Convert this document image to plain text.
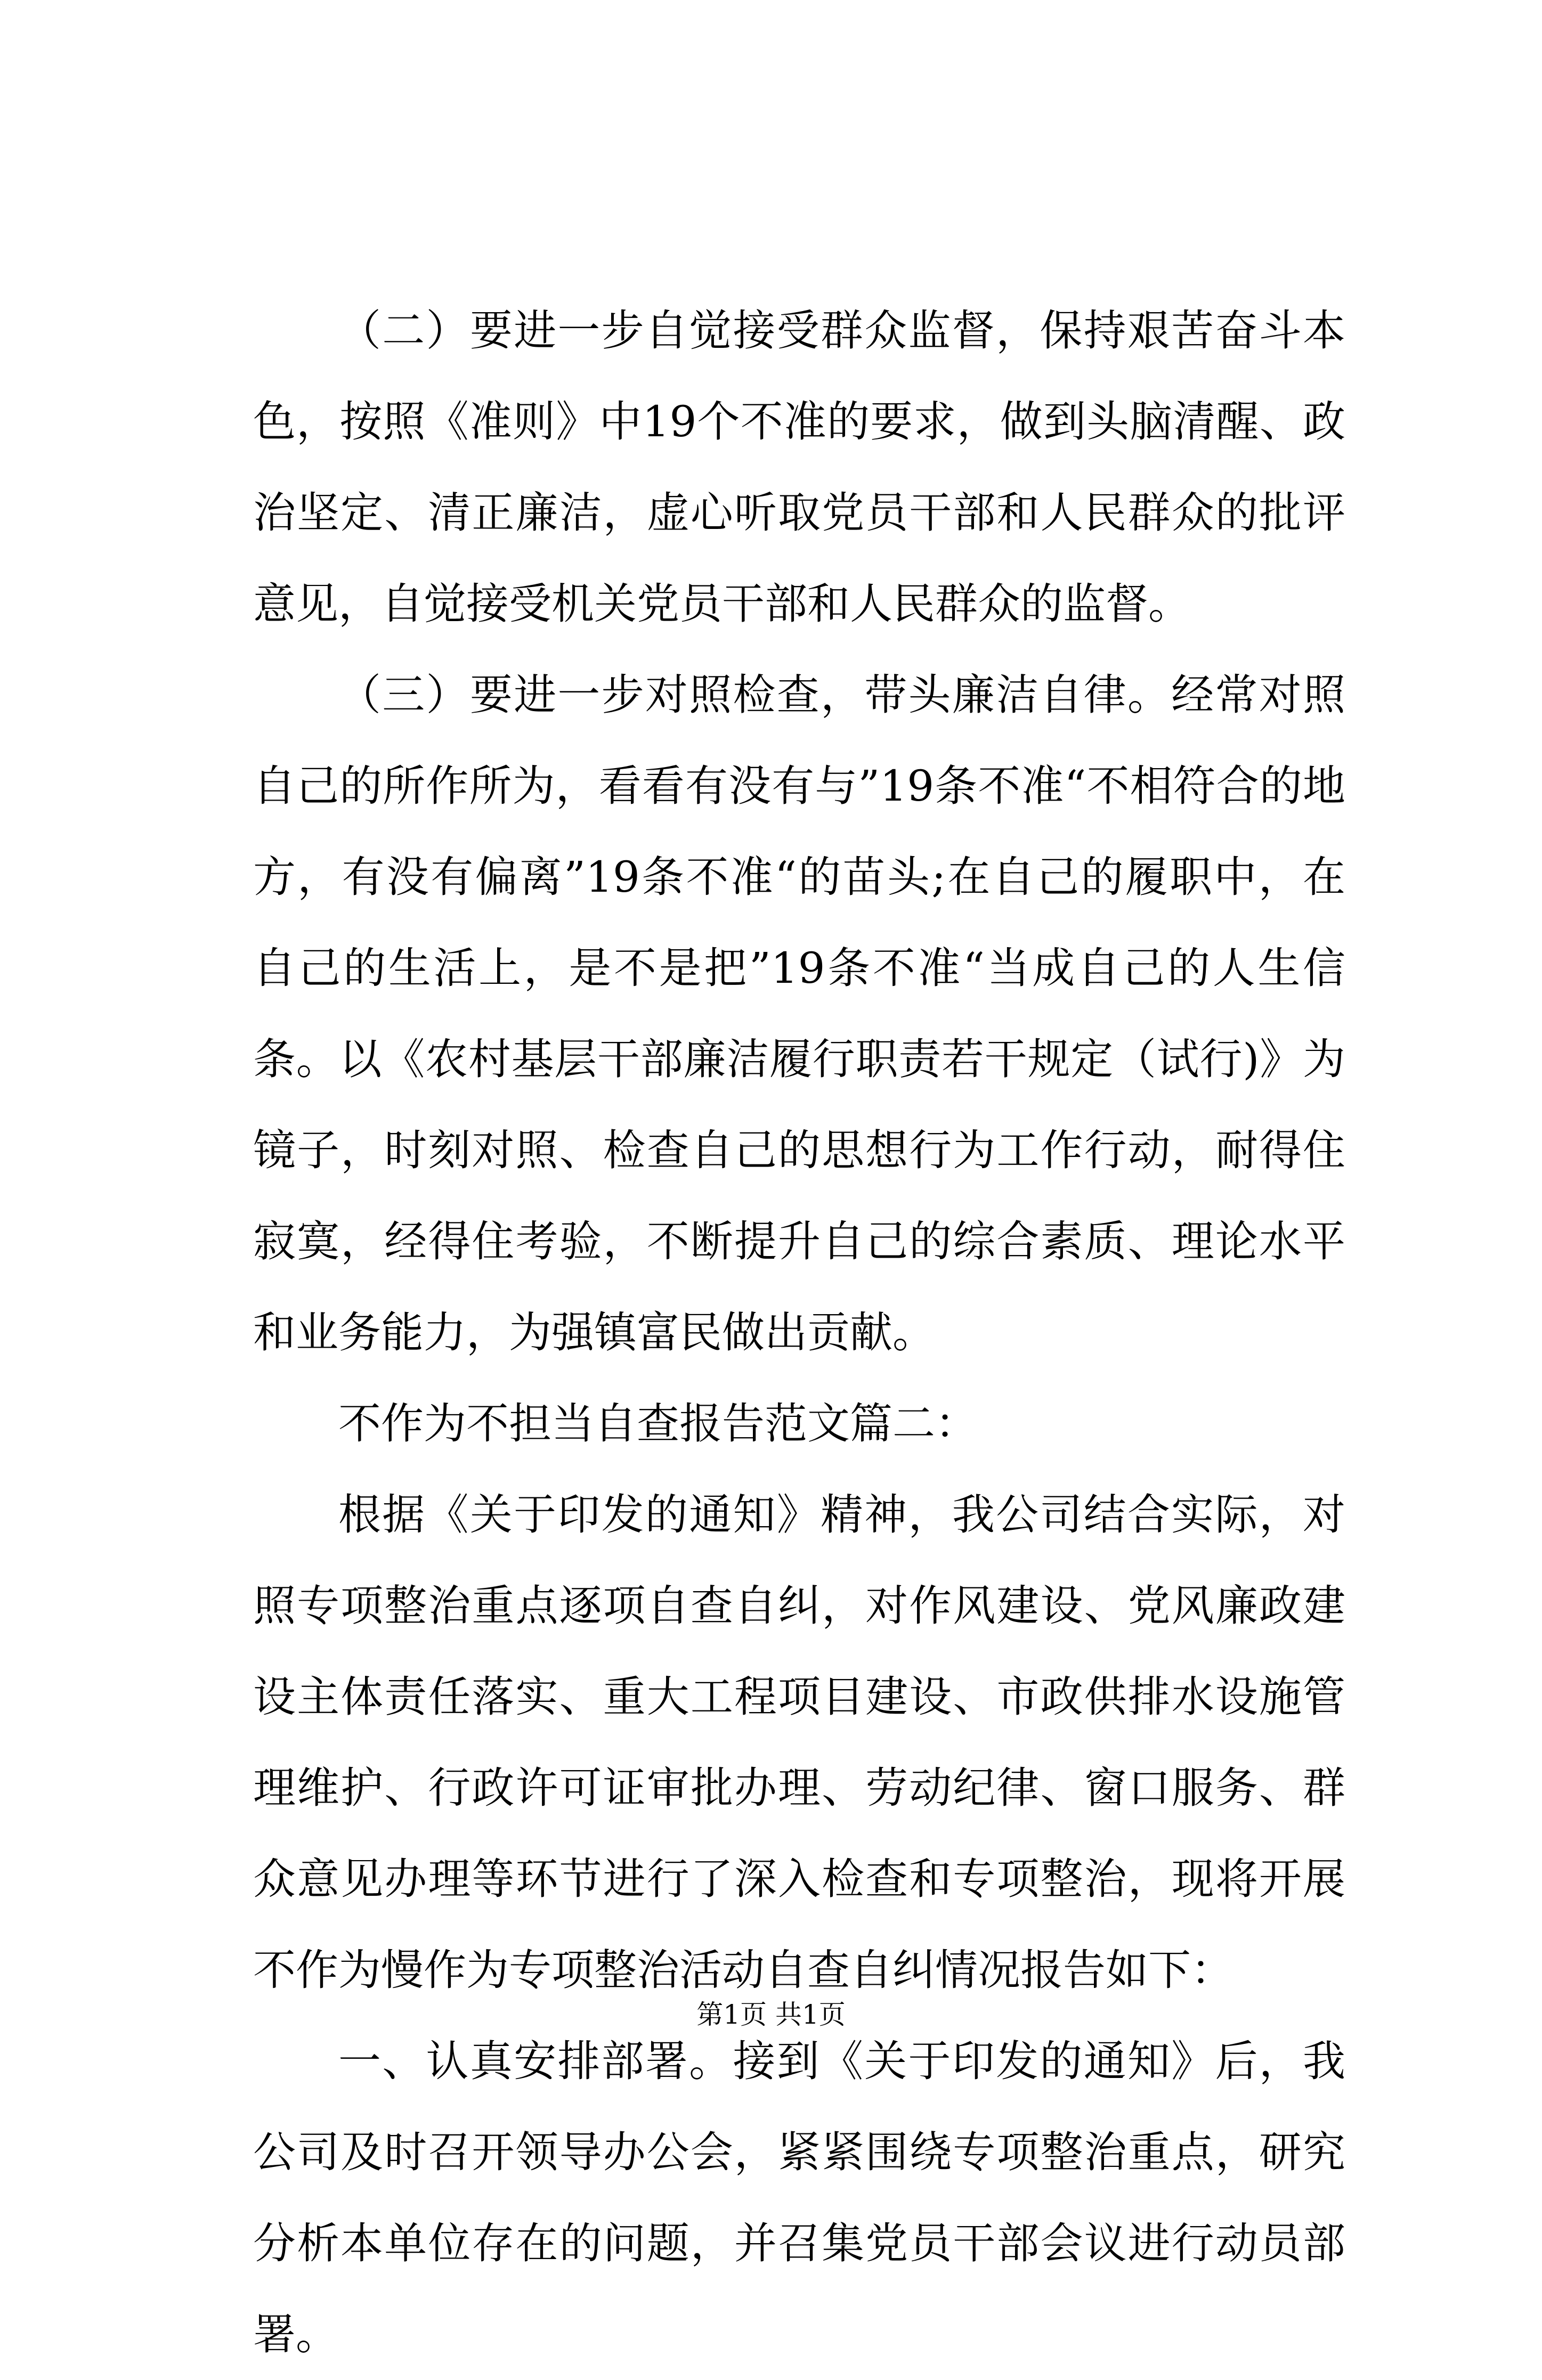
（二）要进一步自觉接受群众监督，保持艰苦奋斗本色，按照《准则》中19个不准的要求，做到头脑清醒、政治坚定、清正廉洁，虚心听取党员干部和人民群众的批评意见，自觉接受机关党员干部和人民群众的监督。

（三）要进一步对照检查，带头廉洁自律。经常对照自己的所作所为，看看有没有与”19条不准“不相符合的地方，有没有偏离”19条不准“的苗头;在自己的履职中，在自己的生活上，是不是把”19条不准“当成自己的人生信条。以《农村基层干部廉洁履行职责若干规定（试行)》为镜子，时刻对照、检查自己的思想行为工作行动，耐得住寂寞，经得住考验，不断提升自己的综合素质、理论水平和业务能力，为强镇富民做出贡献。

不作为不担当自查报告范文篇二：

根据《关于印发的通知》精神，我公司结合实际，对照专项整治重点逐项自查自纠，对作风建设、党风廉政建设主体责任落实、重大工程项目建设、市政供排水设施管理维护、行政许可证审批办理、劳动纪律、窗口服务、群众意见办理等环节进行了深入检查和专项整治，现将开展不作为慢作为专项整治活动自查自纠情况报告如下：

一、认真安排部署。接到《关于印发的通知》后，我公司及时召开领导办公会，紧紧围绕专项整治重点，研究分析本单位存在的问题，并召集党员干部会议进行动员部署。

第1页 共1页
